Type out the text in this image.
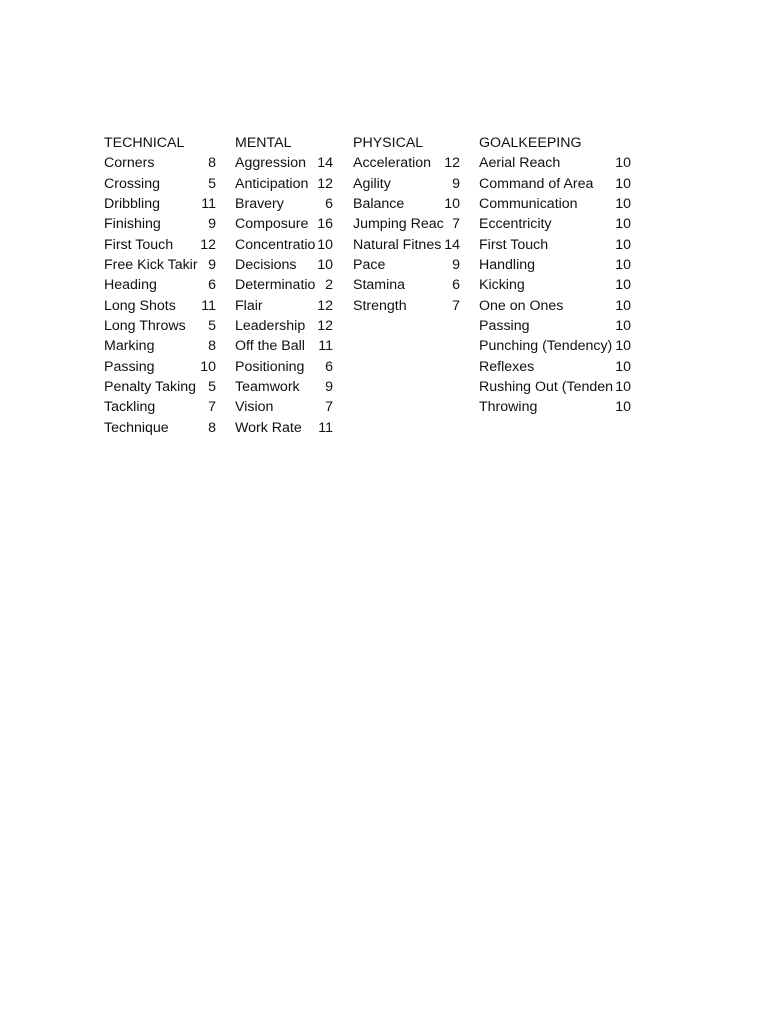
TECHNICAL
Corners	8
Crossing	5
Dribbling	11
Finishing	9
First Touch	12
Free Kick Takir 9
Heading	6
Long Shots	11
Long Throws	5
Marking	8
Passing	10
Penalty Taking 5
Tackling	7
Technique	8
MENTAL
Aggression 14
Anticipation 12
Bravery	6
Composure 16
Concentratio 10
Decisions	10
Determinatio 2
Flair	12
Leadership 12
Off the Ball 11
Positioning	6
Teamwork	9
Vision	7
Work Rate	11
PHYSICAL
Acceleration 12
Agility	9
Balance	10
Jumping Reac 7
Natural Fitnes 14
Pace	9
Stamina	6
Strength	7
GOALKEEPING
Aerial Reach	10
Command of Area	10
Communication	10
Eccentricity	10
First Touch	10
Handling	10
Kicking	10
One on Ones	10
Passing	10
Punching (Tendency) 10
Reflexes	10
Rushing Out (Tenden 10
Throwing	10
